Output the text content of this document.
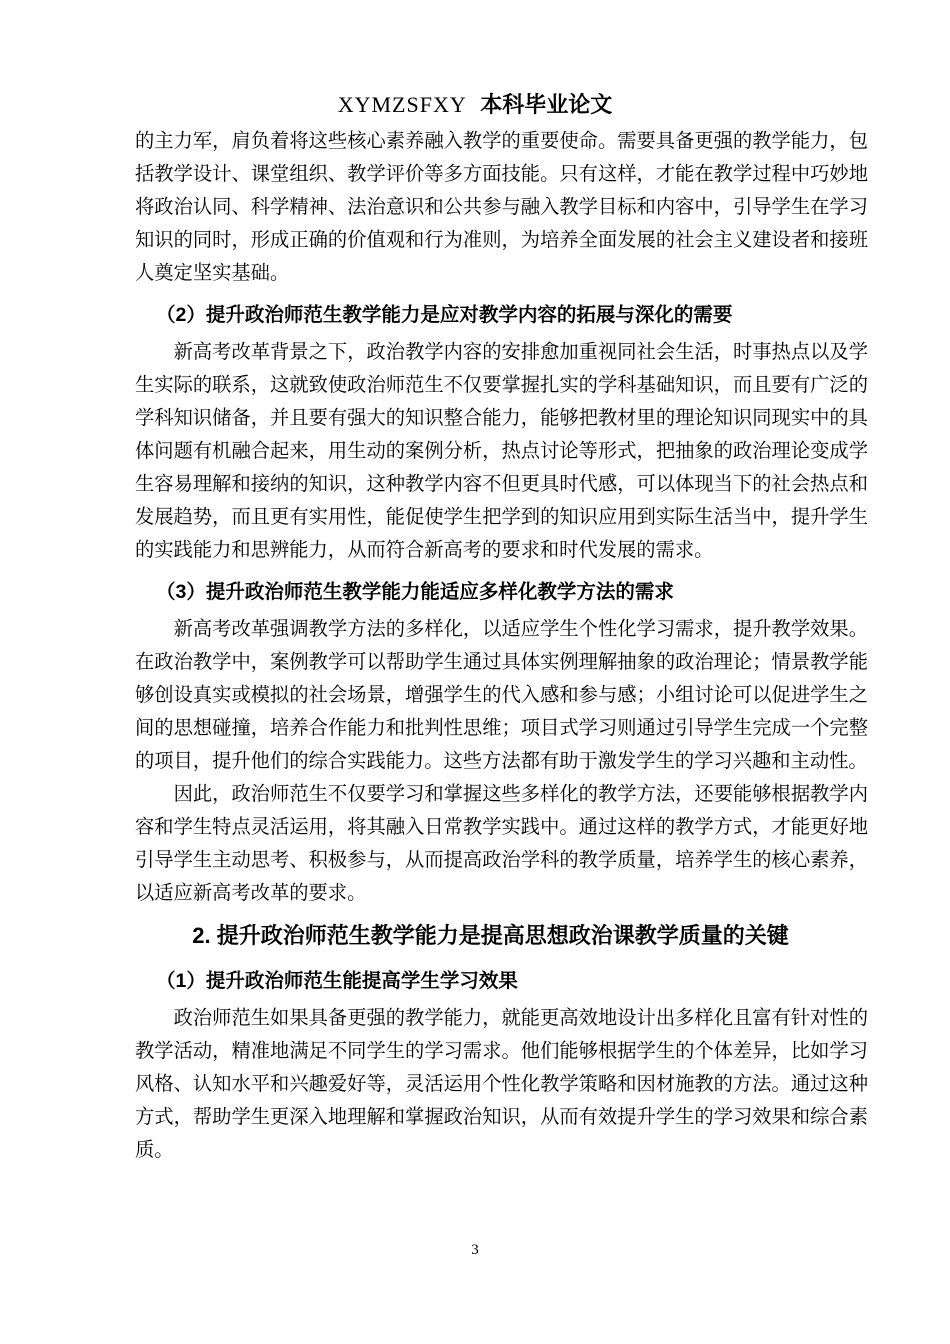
XYMZSFXY 本科毕业论文

的主力军，肩负着将这些核心素养融入教学的重要使命。需要具备更强的教学能力，包括教学设计、课堂组织、教学评价等多方面技能。只有这样，才能在教学过程中巧妙地将政治认同、科学精神、法治意识和公共参与融入教学目标和内容中，引导学生在学习知识的同时，形成正确的价值观和行为准则，为培养全面发展的社会主义建设者和接班人奠定坚实基础。

（2）提升政治师范生教学能力是应对教学内容的拓展与深化的需要

新高考改革背景之下，政治教学内容的安排愈加重视同社会生活，时事热点以及学生实际的联系，这就致使政治师范生不仅要掌握扎实的学科基础知识，而且要有广泛的学科知识储备，并且要有强大的知识整合能力，能够把教材里的理论知识同现实中的具体问题有机融合起来，用生动的案例分析，热点讨论等形式，把抽象的政治理论变成学生容易理解和接纳的知识，这种教学内容不但更具时代感，可以体现当下的社会热点和发展趋势，而且更有实用性，能促使学生把学到的知识应用到实际生活当中，提升学生的实践能力和思辨能力，从而符合新高考的要求和时代发展的需求。

（3）提升政治师范生教学能力能适应多样化教学方法的需求

新高考改革强调教学方法的多样化，以适应学生个性化学习需求，提升教学效果。在政治教学中，案例教学可以帮助学生通过具体实例理解抽象的政治理论；情景教学能够创设真实或模拟的社会场景，增强学生的代入感和参与感；小组讨论可以促进学生之间的思想碰撞，培养合作能力和批判性思维；项目式学习则通过引导学生完成一个完整的项目，提升他们的综合实践能力。这些方法都有助于激发学生的学习兴趣和主动性。

因此，政治师范生不仅要学习和掌握这些多样化的教学方法，还要能够根据教学内容和学生特点灵活运用，将其融入日常教学实践中。通过这样的教学方式，才能更好地引导学生主动思考、积极参与，从而提高政治学科的教学质量，培养学生的核心素养，以适应新高考改革的要求。

2. 提升政治师范生教学能力是提高思想政治课教学质量的关键
（1）提升政治师范生能提高学生学习效果

政治师范生如果具备更强的教学能力，就能更高效地设计出多样化且富有针对性的教学活动，精准地满足不同学生的学习需求。他们能够根据学生的个体差异，比如学习风格、认知水平和兴趣爱好等，灵活运用个性化教学策略和因材施教的方法。通过这种方式，帮助学生更深入地理解和掌握政治知识，从而有效提升学生的学习效果和综合素质。

3
